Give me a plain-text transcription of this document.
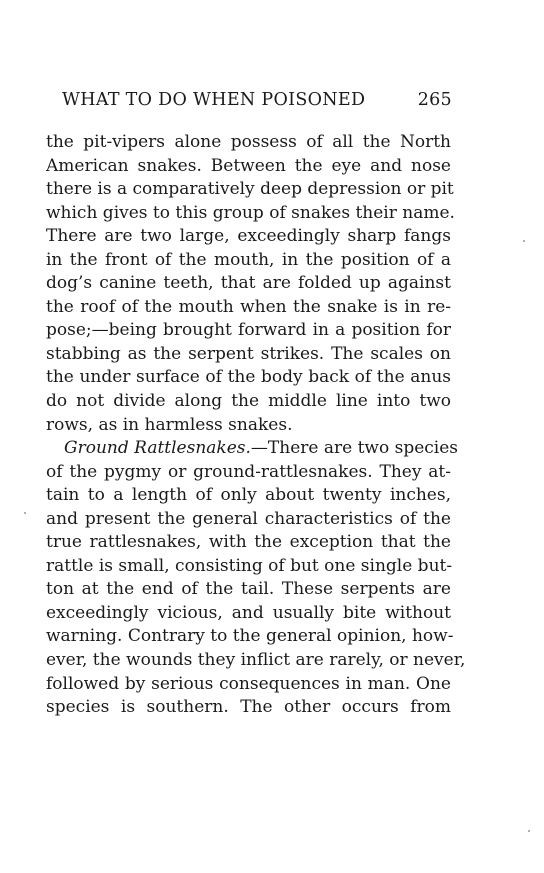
WHAT TO DO WHEN POISONED	265
the pit-vipers alone possess of all the North
American snakes. Between the eye and nose
there is a comparatively deep depression or pit
which gives to this group of snakes their name.
There are two large, exceedingly sharp fangs
in the front of the mouth, in the position of a
dog’s canine teeth, that are folded up against
the roof of the mouth when the snake is in re-
pose;—being brought forward in a position for
stabbing as the serpent strikes. The scales on
the under surface of the body back of the anus
do not divide along the middle line into two
rows, as in harmless snakes.
Ground Rattlesnakes.—There are two species
of the pygmy or ground-rattlesnakes. They at-
tain to a length of only about twenty inches,
and present the general characteristics of the
true rattlesnakes, with the exception that the
rattle is small, consisting of but one single but-
ton at the end of the tail. These serpents are
exceedingly vicious, and usually bite without
warning. Contrary to the general opinion, how-
ever, the wounds they inflict are rarely, or never,
followed by serious consequences in man. One
species is southern. The other occurs from
